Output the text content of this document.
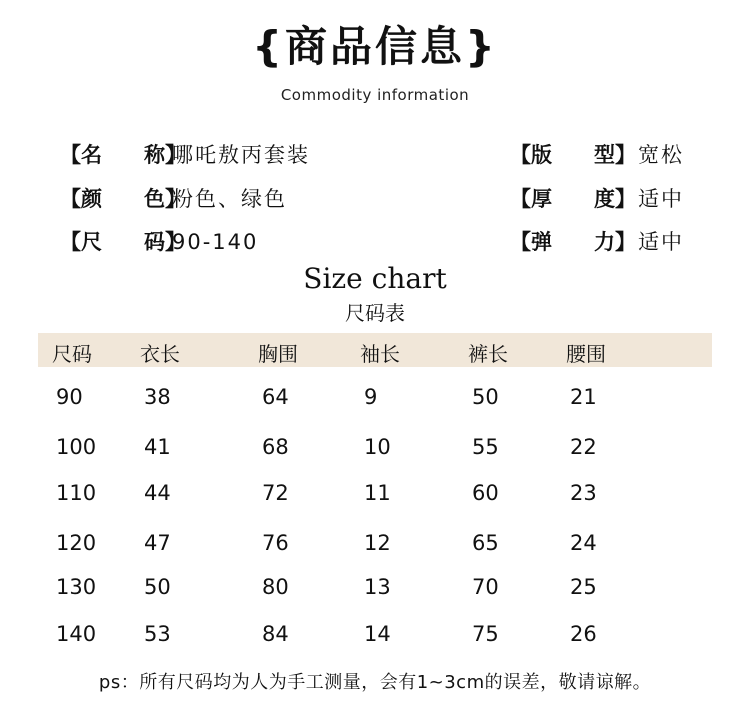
{商品信息}
Commodity information
【名　　称】哪吒敖丙套装
【颜　　色】粉色、绿色
【尺　　码】90-140
【版　　型】宽松
【厚　　度】适中
【弹　　力】适中
Size chart
尺码表
尺码 衣长	胸围	袖长	裤长	腰围
90	38	64	9	50	21
100 41	68	10	55	22
110 44	72	11	60	23
120 47	76	12	65	24
130 50	80	13	70	25
140 53	84	14	75	26
ps：所有尺码均为人为手工测量，会有1~3cm的误差，敬请谅解。
